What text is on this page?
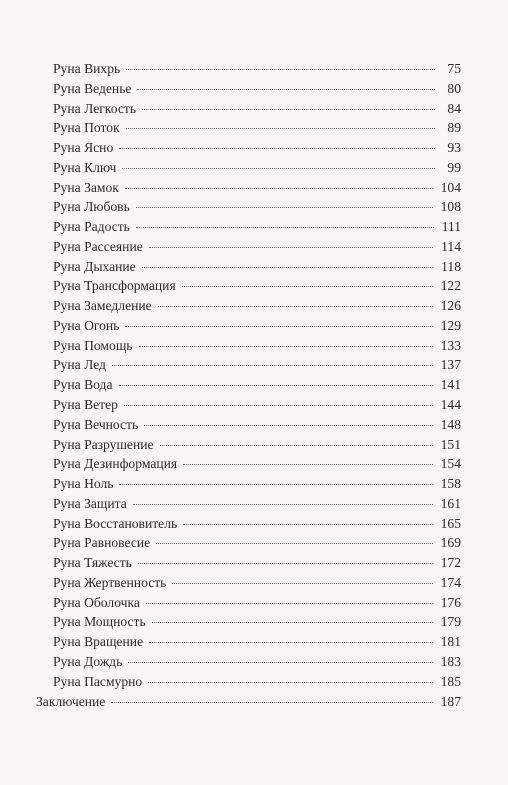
Руна Вихрь	75
Руна Веденье	80
Руна Легкость	84
Руна Поток	89
Руна Ясно	93
Руна Ключ	99
Руна Замок	104
Руна Любовь	108
Руна Радость	111
Руна Рассеяние	114
Руна Дыхание	118
Руна Трансформация	122
Руна Замедление	126
Руна Огонь	129
Руна Помощь	133
Руна Лед	137
Руна Вода	141
Руна Ветер	144
Руна Вечность	148
Руна Разрушение	151
Руна Дезинформация	154
Руна Ноль	158
Руна Защита	161
Руна Восстановитель	165
Руна Равновесие	169
Руна Тяжесть	172
Руна Жертвенность	174
Руна Оболочка	176
Руна Мощность	179
Руна Вращение	181
Руна Дождь	183
Руна Пасмурно	185
Заключение	187
